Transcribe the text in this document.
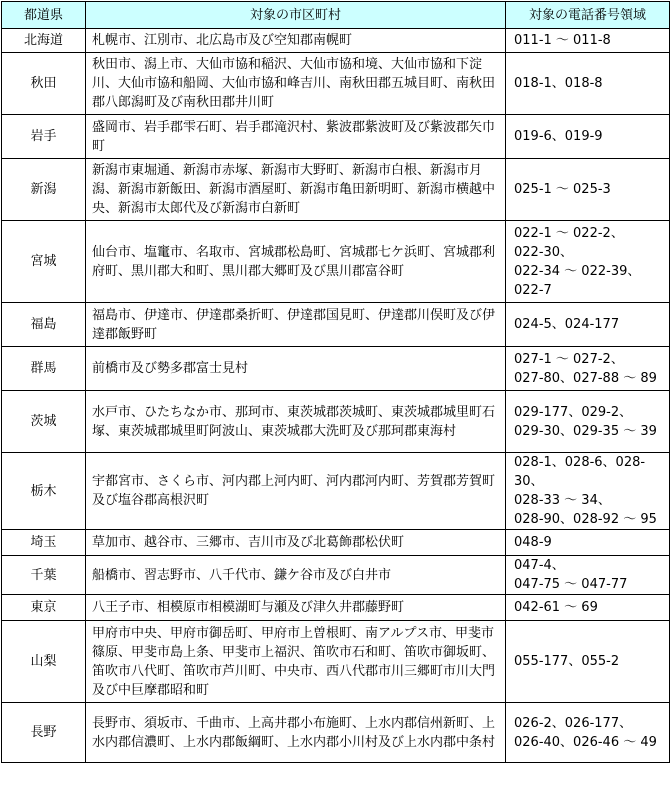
都道県	対象の市区町村	対象の電話番号領域
北海道	札幌市、江別市、北広島市及び空知郡南幌町	011-1 〜 011-8

秋田	秋田市、潟上市、大仙市協和稲沢、大仙市協和境、大仙市協和下淀川、大仙市協和船岡、大仙市協和峰吉川、南秋田郡五城目町、南秋田郡八郎潟町及び南秋田郡井川町	018-1、018-8

岩手	盛岡市、岩手郡雫石町、岩手郡滝沢村、紫波郡紫波町及び紫波郡矢巾町	019-6、019-9

新潟	新潟市東堀通、新潟市赤塚、新潟市大野町、新潟市白根、新潟市月潟、新潟市新飯田、新潟市酒屋町、新潟市亀田新明町、新潟市横越中央、新潟市太郎代及び新潟市白新町	025-1 〜 025-3

宮城	仙台市、塩竃市、名取市、宮城郡松島町、宮城郡七ケ浜町、宮城郡利府町、黒川郡大和町、黒川郡大郷町及び黒川郡富谷町	022-1 〜 022-2、
022-30、
022-34 〜 022-39、
022-7

福島	福島市、伊達市、伊達郡桑折町、伊達郡国見町、伊達郡川俣町及び伊達郡飯野町	024-5、024-177

群馬	前橋市及び勢多郡富士見村	027-1 〜 027-2、
027-80、027-88 〜 89

茨城	水戸市、ひたちなか市、那珂市、東茨城郡茨城町、東茨城郡城里町石塚、東茨城郡城里町阿波山、東茨城郡大洗町及び那珂郡東海村	029-177、029-2、
029-30、029-35 〜 39

栃木	宇都宮市、さくら市、河内郡上河内町、河内郡河内町、芳賀郡芳賀町及び塩谷郡高根沢町	028-1、028-6、028-30、
028-33 〜 34、
028-90、028-92 〜 95

埼玉	草加市、越谷市、三郷市、吉川市及び北葛飾郡松伏町	048-9

千葉	船橋市、習志野市、八千代市、鎌ケ谷市及び白井市	047-4、
047-75 〜 047-77

東京	八王子市、相模原市相模湖町与瀬及び津久井郡藤野町	042-61 〜 69

山梨	甲府市中央、甲府市御岳町、甲府市上曽根町、南アルプス市、甲斐市篠原、甲斐市島上条、甲斐市上福沢、笛吹市石和町、笛吹市御坂町、笛吹市八代町、笛吹市芦川町、中央市、西八代郡市川三郷町市川大門及び中巨摩郡昭和町	055-177、055-2

長野	長野市、須坂市、千曲市、上高井郡小布施町、上水内郡信州新町、上水内郡信濃町、上水内郡飯綱町、上水内郡小川村及び上水内郡中条村	026-2、026-177、
026-40、026-46 〜 49
